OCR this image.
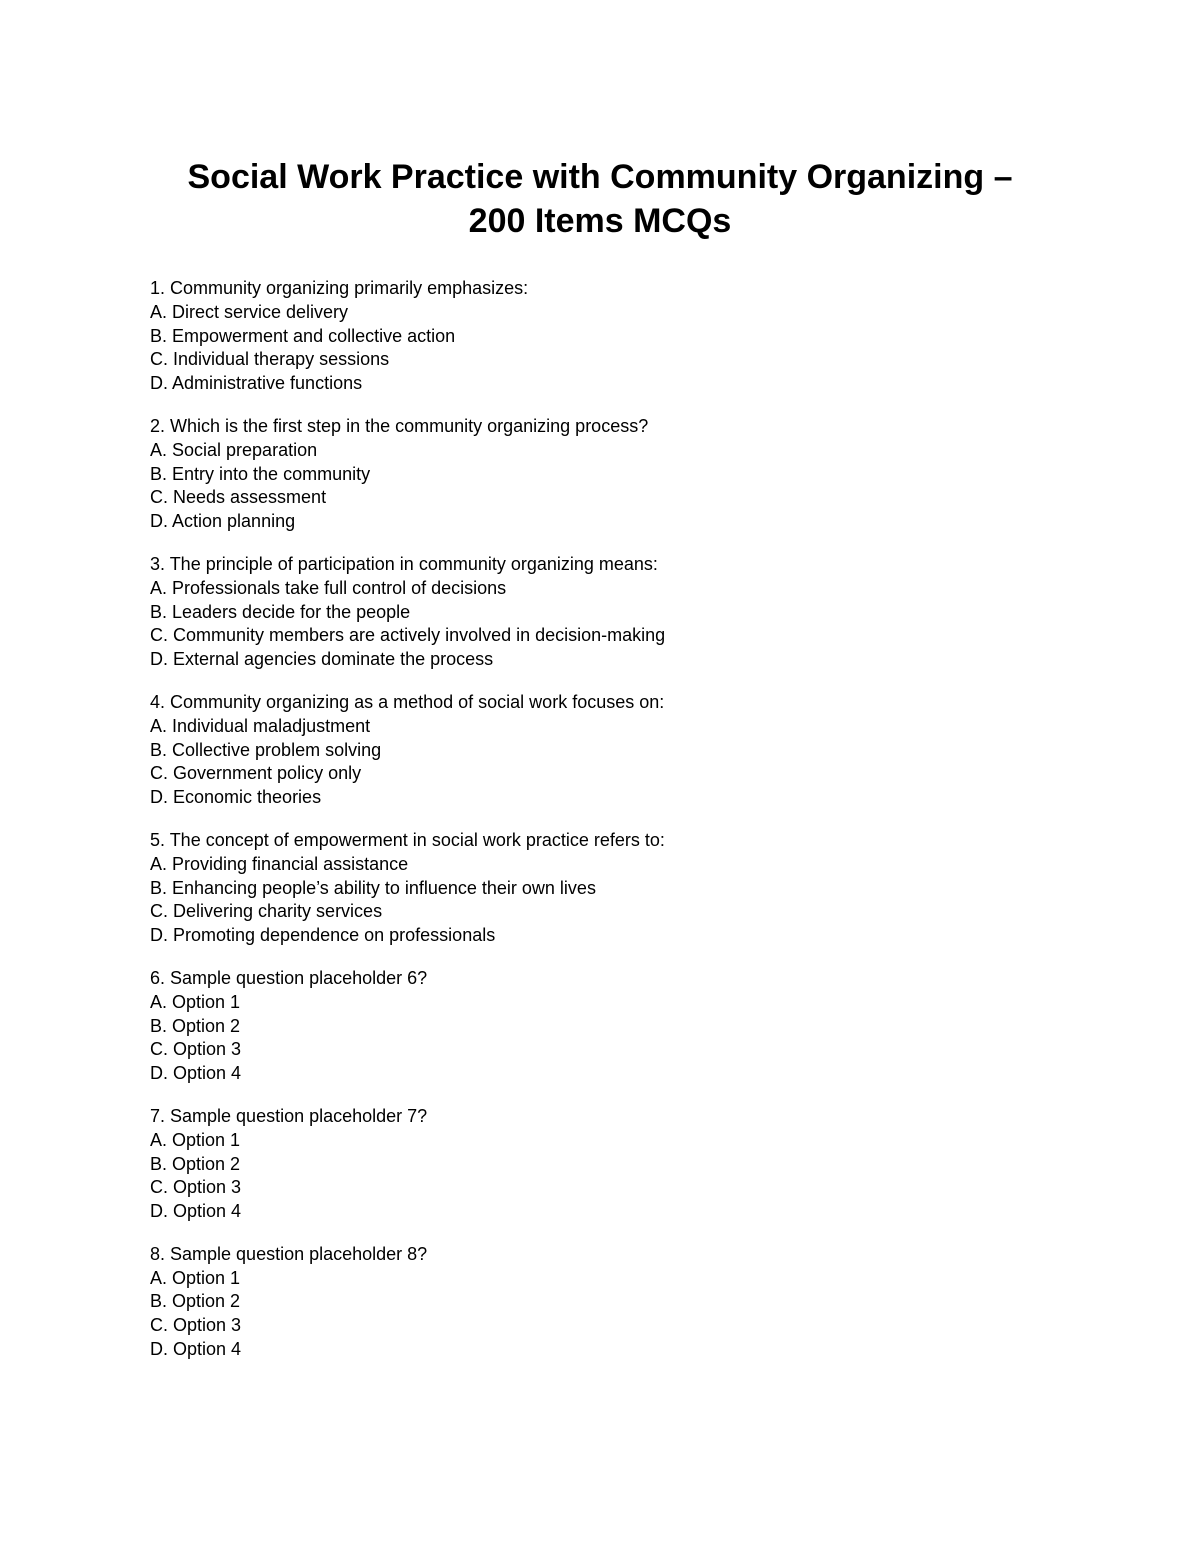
Social Work Practice with Community Organizing –
200 Items MCQs
1. Community organizing primarily emphasizes:
A. Direct service delivery
B. Empowerment and collective action
C. Individual therapy sessions
D. Administrative functions
2. Which is the first step in the community organizing process?
A. Social preparation
B. Entry into the community
C. Needs assessment
D. Action planning
3. The principle of participation in community organizing means:
A. Professionals take full control of decisions
B. Leaders decide for the people
C. Community members are actively involved in decision-making
D. External agencies dominate the process
4. Community organizing as a method of social work focuses on:
A. Individual maladjustment
B. Collective problem solving
C. Government policy only
D. Economic theories
5. The concept of empowerment in social work practice refers to:
A. Providing financial assistance
B. Enhancing people’s ability to influence their own lives
C. Delivering charity services
D. Promoting dependence on professionals
6. Sample question placeholder 6?
A. Option 1
B. Option 2
C. Option 3
D. Option 4
7. Sample question placeholder 7?
A. Option 1
B. Option 2
C. Option 3
D. Option 4
8. Sample question placeholder 8?
A. Option 1
B. Option 2
C. Option 3
D. Option 4
